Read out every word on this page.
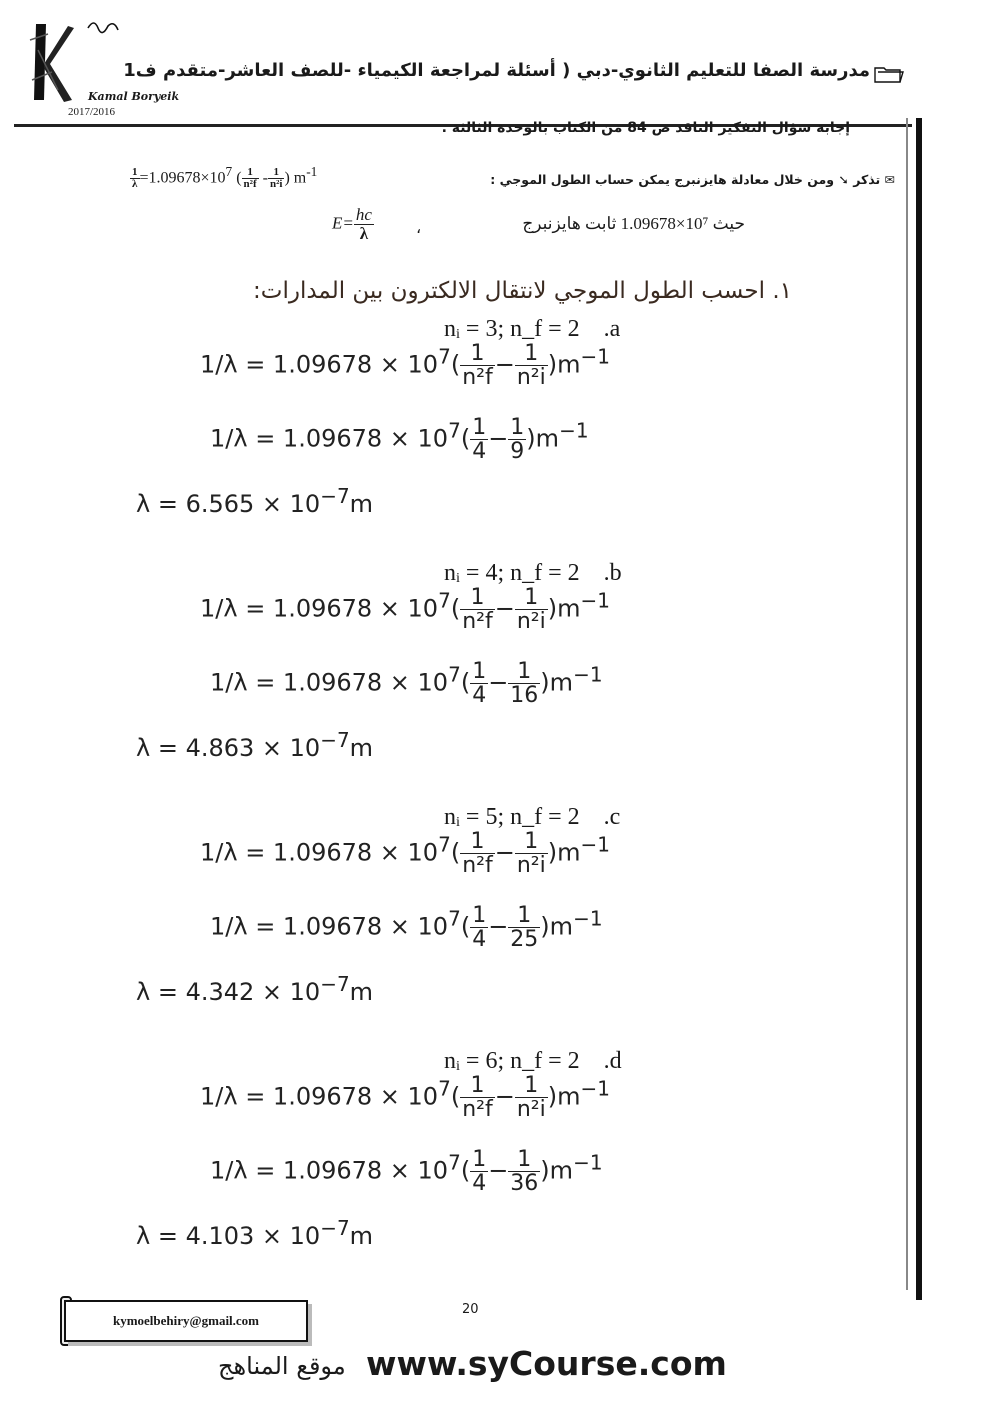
Kamal Boryeik
2017/2016
مدرسة الصفا للتعليم الثانوي-دبي ( أسئلة لمراجعة الكيمياء -للصف العاشر-متقدم ف1
إجابة سؤال التفكير الناقد ص 84 من الكتاب بالوحدة الثالثة .
✉ تذكر ➘ ومن خلال معادلة هايزنبرج يمكن حساب الطول الموجي :
$\frac{1}{\lambda} =1.09678\times 10^7$ ( $\frac{1}{\text{n²f}} - \frac{1}{\text{n²i}}$ ) $m^{-1}$
حيث 10⁷×1.09678 ثابت هايزنبرج
،
$E= \frac{hc}{\lambda}$
١. احسب الطول الموجي لانتقال الالكترون بين المدارات:
nᵢ = 3; n_f = 2 .a
$1/\lambda = 1.09678 \times 10^7( \frac{1}{\text{n²f}} - \frac{1}{\text{n²i}} )m^{-1}$
$1/\lambda = 1.09678 \times 10^7( \frac{1}{4} - \frac{1}{9} )m^{-1}$
$\lambda = 6.565 \times 10^{-7}m$
nᵢ = 4; n_f = 2 .b
$1/\lambda = 1.09678 \times 10^7( \frac{1}{\text{n²f}} - \frac{1}{\text{n²i}} )m^{-1}$
$1/\lambda = 1.09678 \times 10^7( \frac{1}{4} - \frac{1}{16} )m^{-1}$
$\lambda = 4.863 \times 10^{-7}m$
nᵢ = 5; n_f = 2 .c
$1/\lambda = 1.09678 \times 10^7( \frac{1}{\text{n²f}} - \frac{1}{\text{n²i}} )m^{-1}$
$1/\lambda = 1.09678 \times 10^7( \frac{1}{4} - \frac{1}{25} )m^{-1}$
$\lambda = 4.342 \times 10^{-7}m$
nᵢ = 6; n_f = 2 .d
$1/\lambda = 1.09678 \times 10^7( \frac{1}{\text{n²f}} - \frac{1}{\text{n²i}} )m^{-1}$
$1/\lambda = 1.09678 \times 10^7( \frac{1}{4} - \frac{1}{36} )m^{-1}$
$\lambda = 4.103 \times 10^{-7}m$
20
kymoelbehiry@gmail.com
موقع المناهج www.syCourse.com
